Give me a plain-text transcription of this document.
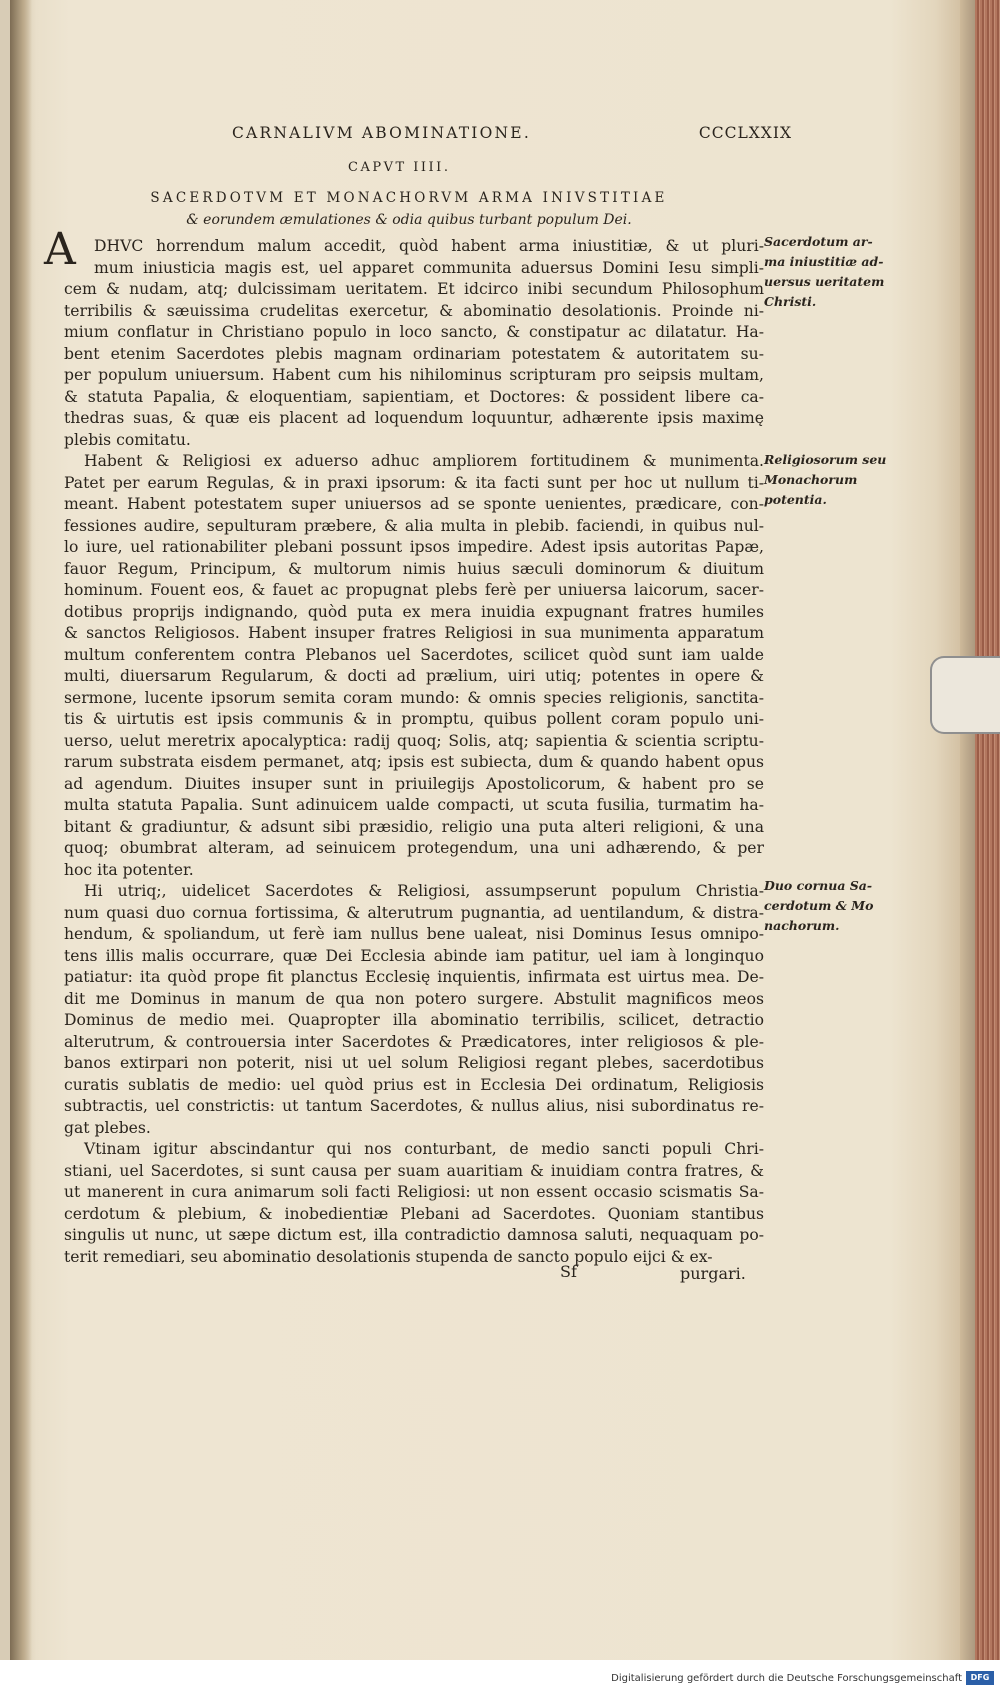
CARNALIVM ABOMINATIONE.	CCCLXXIX
CAPVT IIII.
SACERDOTVM ET MONACHORVM ARMA INIVSTITIAE
& eorundem æmulationes & odia quibus turbant populum Dei.
A	DHVC horrendum malum accedit, quòd habent arma iniustitiæ, & ut pluri-
mum iniusticia magis est, uel apparet communita aduersus Domini Iesu simpli-
cem & nudam, atq; dulcissimam ueritatem. Et idcirco inibi secundum Philosophum
terribilis & sæuissima crudelitas exercetur, & abominatio desolationis. Proinde ni-
mium conflatur in Christiano populo in loco sancto, & constipatur ac dilatatur. Ha-
bent etenim Sacerdotes plebis magnam ordinariam potestatem & autoritatem su-
per populum uniuersum. Habent cum his nihilominus scripturam pro seipsis multam,
& statuta Papalia, & eloquentiam, sapientiam, et Doctores: & possident libere ca-
thedras suas, & quæ eis placent ad loquendum loquuntur, adhærente ipsis maximę
plebis comitatu.
Habent & Religiosi ex aduerso adhuc ampliorem fortitudinem & munimenta.
Patet per earum Regulas, & in praxi ipsorum: & ita facti sunt per hoc ut nullum ti-
meant. Habent potestatem super uniuersos ad se sponte uenientes, prædicare, con-
fessiones audire, sepulturam præbere, & alia multa in plebib. faciendi, in quibus nul-
lo iure, uel rationabiliter plebani possunt ipsos impedire. Adest ipsis autoritas Papæ,
fauor Regum, Principum, & multorum nimis huius sæculi dominorum & diuitum
hominum. Fouent eos, & fauet ac propugnat plebs ferè per uniuersa laicorum, sacer-
dotibus proprijs indignando, quòd puta ex mera inuidia expugnant fratres humiles
& sanctos Religiosos. Habent insuper fratres Religiosi in sua munimenta apparatum
multum conferentem contra Plebanos uel Sacerdotes, scilicet quòd sunt iam ualde
multi, diuersarum Regularum, & docti ad prælium, uiri utiq; potentes in opere &
sermone, lucente ipsorum semita coram mundo: & omnis species religionis, sanctita-
tis & uirtutis est ipsis communis & in promptu, quibus pollent coram populo uni-
uerso, uelut meretrix apocalyptica: radij quoq; Solis, atq; sapientia & scientia scriptu-
rarum substrata eisdem permanet, atq; ipsis est subiecta, dum & quando habent opus
ad agendum. Diuites insuper sunt in priuilegijs Apostolicorum, & habent pro se
multa statuta Papalia. Sunt adinuicem ualde compacti, ut scuta fusilia, turmatim ha-
bitant & gradiuntur, & adsunt sibi præsidio, religio una puta alteri religioni, & una
quoq; obumbrat alteram, ad seinuicem protegendum, una uni adhærendo, & per
hoc ita potenter.
Hi utriq;, uidelicet Sacerdotes & Religiosi, assumpserunt populum Christia-
num quasi duo cornua fortissima, & alterutrum pugnantia, ad uentilandum, & distra-
hendum, & spoliandum, ut ferè iam nullus bene ualeat, nisi Dominus Iesus omnipo-
tens illis malis occurrare, quæ Dei Ecclesia abinde iam patitur, uel iam à longinquo
patiatur: ita quòd prope fit planctus Ecclesię inquientis, infirmata est uirtus mea. De-
dit me Dominus in manum de qua non potero surgere. Abstulit magnificos meos
Dominus de medio mei. Quapropter illa abominatio terribilis, scilicet, detractio
alterutrum, & controuersia inter Sacerdotes & Prædicatores, inter religiosos & ple-
banos extirpari non poterit, nisi ut uel solum Religiosi regant plebes, sacerdotibus
curatis sublatis de medio: uel quòd prius est in Ecclesia Dei ordinatum, Religiosis
subtractis, uel constrictis: ut tantum Sacerdotes, & nullus alius, nisi subordinatus re-
gat plebes.
Vtinam igitur abscindantur qui nos conturbant, de medio sancti populi Chri-
stiani, uel Sacerdotes, si sunt causa per suam auaritiam & inuidiam contra fratres, &
ut manerent in cura animarum soli facti Religiosi: ut non essent occasio scismatis Sa-
cerdotum & plebium, & inobedientiæ Plebani ad Sacerdotes. Quoniam stantibus
singulis ut nunc, ut sæpe dictum est, illa contradictio damnosa saluti, nequaquam po-
terit remediari, seu abominatio desolationis stupenda de sancto populo eijci & ex-
Sacerdotum ar-
ma iniustitiæ ad-
uersus ueritatem
Christi.
Religiosorum seu
Monachorum
potentia.
Duo cornua Sa-
cerdotum & Mo
nachorum.
Sf	purgari.
Digitalisierung gefördert durch die Deutsche Forschungsgemeinschaft	DFG
